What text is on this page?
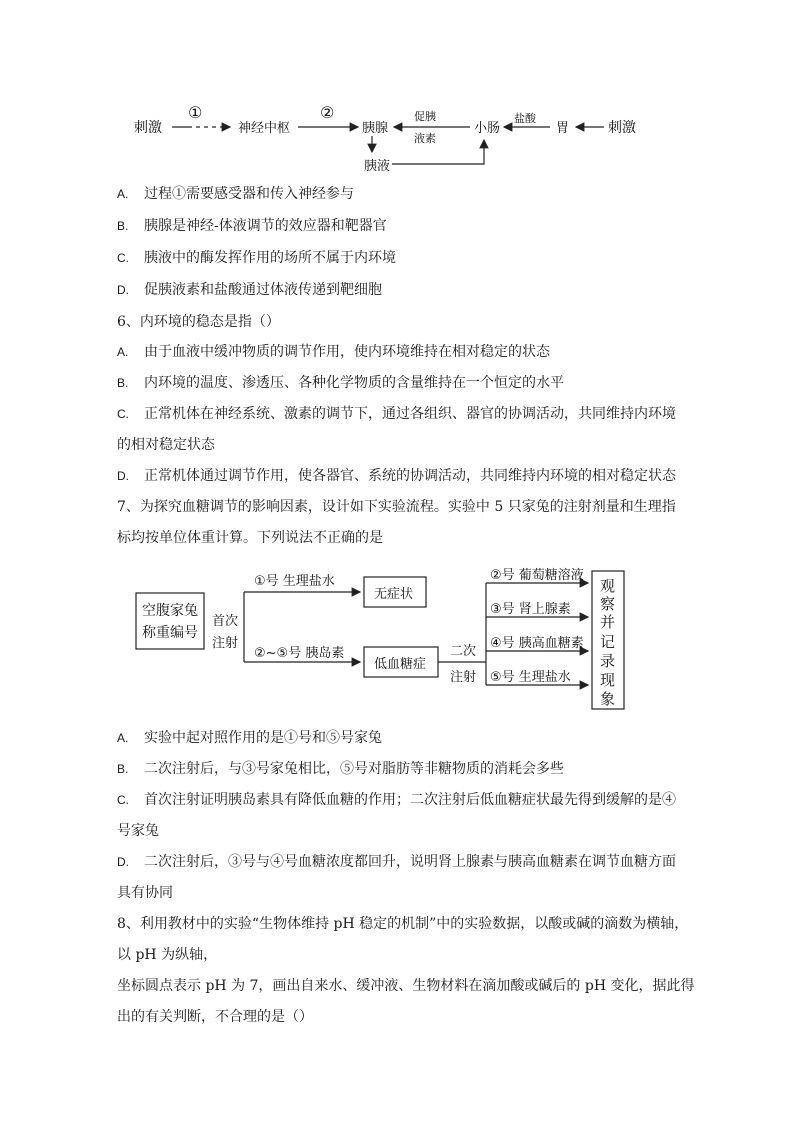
刺激
①
神经中枢
②
胰腺
促胰
液素
小肠
盐酸
胃	刺激
胰液
A. 过程①需要感受器和传入神经参与
B. 胰腺是神经-体液调节的效应器和靶器官
C. 胰液中的酶发挥作用的场所不属于内环境
D. 促胰液素和盐酸通过体液传递到靶细胞
6、内环境的稳态是指（）
A. 由于血液中缓冲物质的调节作用，使内环境维持在相对稳定的状态
B. 内环境的温度、渗透压、各种化学物质的含量维持在一个恒定的水平
C. 正常机体在神经系统、激素的调节下，通过各组织、器官的协调活动，共同维持内环境
的相对稳定状态
D. 正常机体通过调节作用，使各器官、系统的协调活动，共同维持内环境的相对稳定状态
7、为探究血糖调节的影响因素，设计如下实验流程。实验中 5 只家兔的注射剂量和生理指
标均按单位体重计算。下列说法不正确的是
空腹家兔
称重编号
首次
注射
①号 生理盐水
②~⑤号 胰岛素
无症状
低血糖症
二次
注射
②号 葡萄糖溶液
③号 肾上腺素
④号 胰高血糖素
⑤号 生理盐水
观
察
并
记
录
现
象
A. 实验中起对照作用的是①号和⑤号家兔
B. 二次注射后，与③号家兔相比，⑤号对脂肪等非糖物质的消耗会多些
C. 首次注射证明胰岛素具有降低血糖的作用；二次注射后低血糖症状最先得到缓解的是④
号家兔
D. 二次注射后，③号与④号血糖浓度都回升，说明肾上腺素与胰高血糖素在调节血糖方面
具有协同
8、利用教材中的实验“生物体维持 pH 稳定的机制”中的实验数据，以酸或碱的滴数为横轴，
以 pH 为纵轴，
坐标圆点表示 pH 为 7，画出自来水、缓冲液、生物材料在滴加酸或碱后的 pH 变化，据此得
出的有关判断，不合理的是（）
